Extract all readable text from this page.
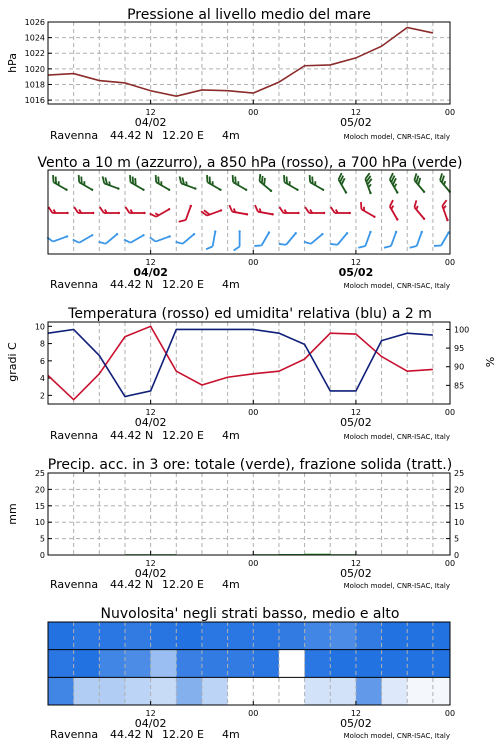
Pressione al livello medio del mare
hPa
1016
1018
1020
1022
1024
1026
12	00	12	00
04/02	05/02
Ravenna 44.42 N 12.20 E 4m	Moloch model, CNR-ISAC, Italy
Vento a 10 m (azzurro), a 850 hPa (rosso), a 700 hPa (verde)
12	00	12	00
04/02	05/02
Ravenna 44.42 N 12.20 E 4m	Moloch model, CNR-ISAC, Italy
Temperatura (rosso) ed umidita' relativa (blu) a 2 m
gradi C	%
2
4
6
8
10
85
90
95
100
12	00	12	00
04/02	05/02
Ravenna 44.42 N 12.20 E 4m	Moloch model, CNR-ISAC, Italy
Precip. acc. in 3 ore: totale (verde), frazione solida (tratt.)
mm
0
5
10
15
20
25
0
5
10
15
20
25
12	00	12	00
04/02	05/02
Ravenna 44.42 N 12.20 E 4m	Moloch model, CNR-ISAC, Italy
Nuvolosita' negli strati basso, medio e alto
12	00	12	00
04/02	05/02
Ravenna 44.42 N 12.20 E 4m	Moloch model, CNR-ISAC, Italy
